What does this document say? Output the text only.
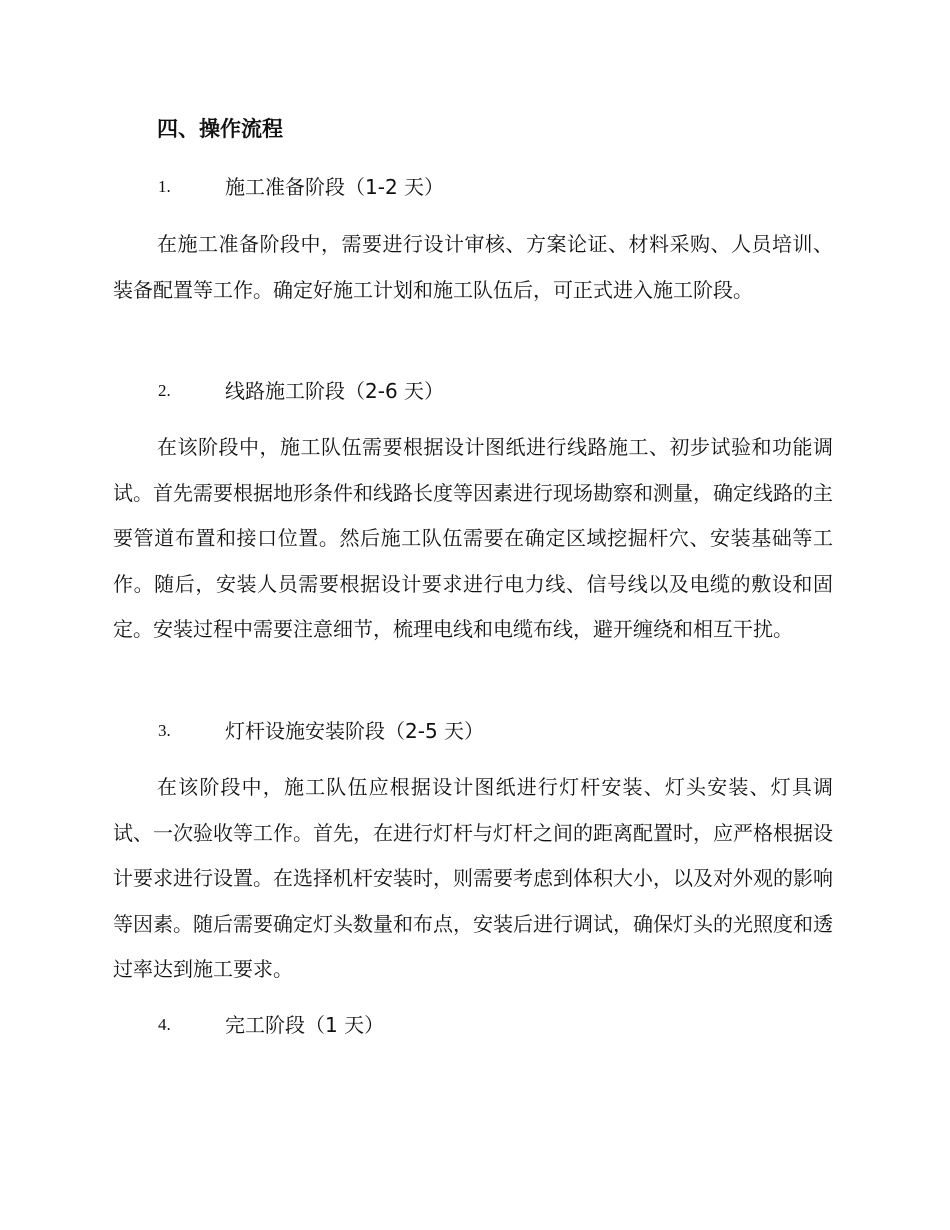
四、操作流程
1.	施工准备阶段（1-2 天）

在施工准备阶段中，需要进行设计审核、方案论证、材料采购、人员培训、装备配置等工作。确定好施工计划和施工队伍后，可正式进入施工阶段。

2.	线路施工阶段（2-6 天）

在该阶段中，施工队伍需要根据设计图纸进行线路施工、初步试验和功能调试。首先需要根据地形条件和线路长度等因素进行现场勘察和测量，确定线路的主要管道布置和接口位置。然后施工队伍需要在确定区域挖掘杆穴、安装基础等工作。随后，安装人员需要根据设计要求进行电力线、信号线以及电缆的敷设和固定。安装过程中需要注意细节，梳理电线和电缆布线，避开缠绕和相互干扰。

3.	灯杆设施安装阶段（2-5 天）

在该阶段中，施工队伍应根据设计图纸进行灯杆安装、灯头安装、灯具调试、一次验收等工作。首先，在进行灯杆与灯杆之间的距离配置时，应严格根据设计要求进行设置。在选择机杆安装时，则需要考虑到体积大小，以及对外观的影响等因素。随后需要确定灯头数量和布点，安装后进行调试，确保灯头的光照度和透过率达到施工要求。

4.	完工阶段（1 天）
